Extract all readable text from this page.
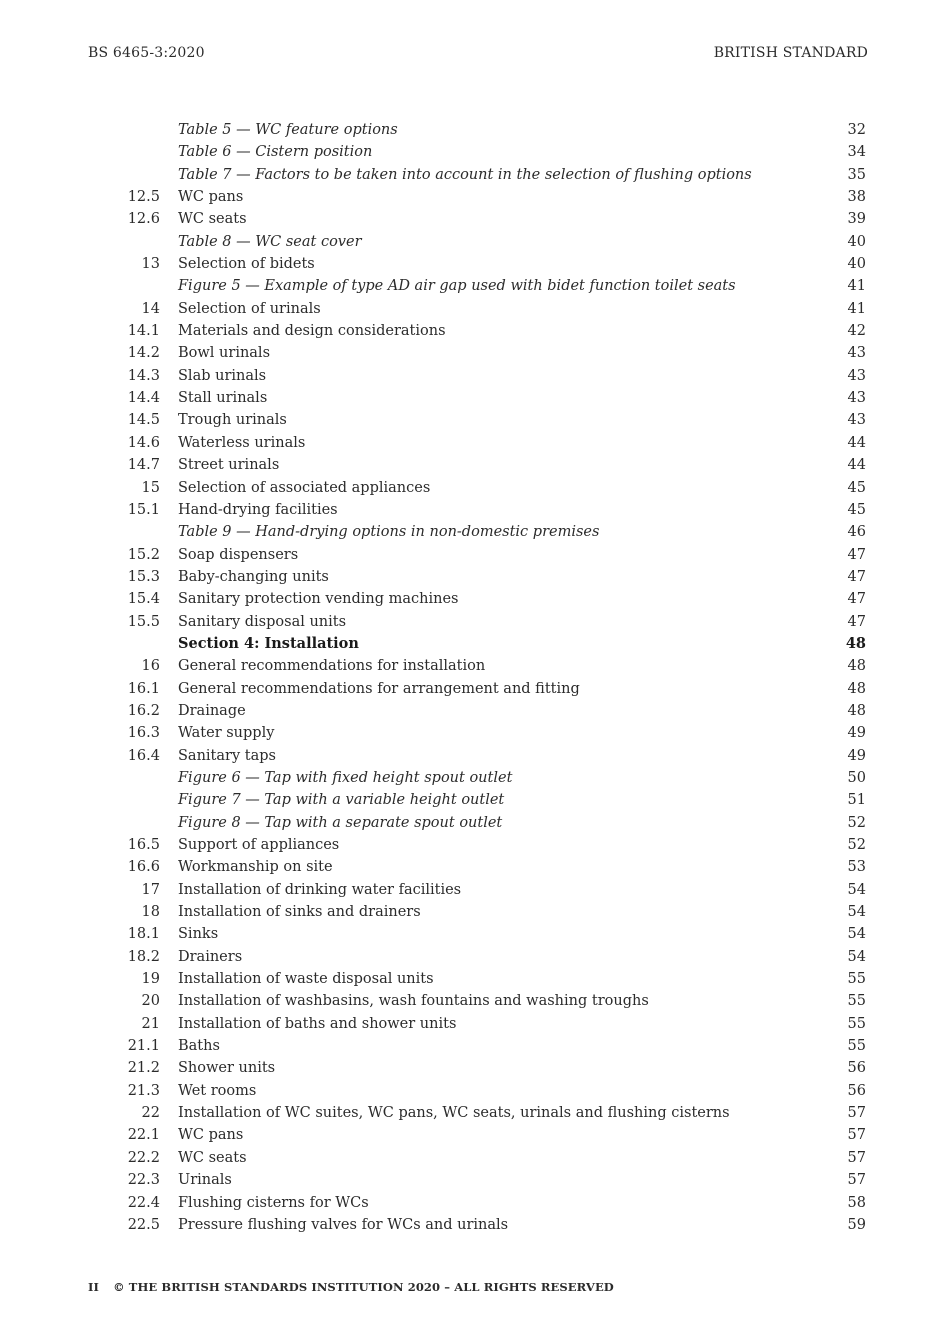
BS 6465-3:2020	BRITISH STANDARD
Table 5 — WC feature options	32
Table 6 — Cistern position	34
Table 7 — Factors to be taken into account in the selection of flushing options	35
12.5 WC pans	38
12.6 WC seats	39
Table 8 — WC seat cover	40
13 Selection of bidets	40
Figure 5 — Example of type AD air gap used with bidet function toilet seats	41
14 Selection of urinals	41
14.1 Materials and design considerations	42
14.2 Bowl urinals	43
14.3 Slab urinals	43
14.4 Stall urinals	43
14.5 Trough urinals	43
14.6 Waterless urinals	44
14.7 Street urinals	44
15 Selection of associated appliances	45
15.1 Hand-drying facilities	45
Table 9 — Hand-drying options in non-domestic premises	46
15.2 Soap dispensers	47
15.3 Baby-changing units	47
15.4 Sanitary protection vending machines	47
15.5 Sanitary disposal units	47
Section 4: Installation	48
16 General recommendations for installation	48
16.1 General recommendations for arrangement and fitting	48
16.2 Drainage	48
16.3 Water supply	49
16.4 Sanitary taps	49
Figure 6 — Tap with fixed height spout outlet	50
Figure 7 — Tap with a variable height outlet	51
Figure 8 — Tap with a separate spout outlet	52
16.5 Support of appliances	52
16.6 Workmanship on site	53
17 Installation of drinking water facilities	54
18 Installation of sinks and drainers	54
18.1 Sinks	54
18.2 Drainers	54
19 Installation of waste disposal units	55
20 Installation of washbasins, wash fountains and washing troughs	55
21 Installation of baths and shower units	55
21.1 Baths	55
21.2 Shower units	56
21.3 Wet rooms	56
22 Installation of WC suites, WC pans, WC seats, urinals and flushing cisterns	57
22.1 WC pans	57
22.2 WC seats	57
22.3 Urinals	57
22.4 Flushing cisterns for WCs	58
22.5 Pressure flushing valves for WCs and urinals	59
II © THE BRITISH STANDARDS INSTITUTION 2020 – ALL RIGHTS RESERVED
